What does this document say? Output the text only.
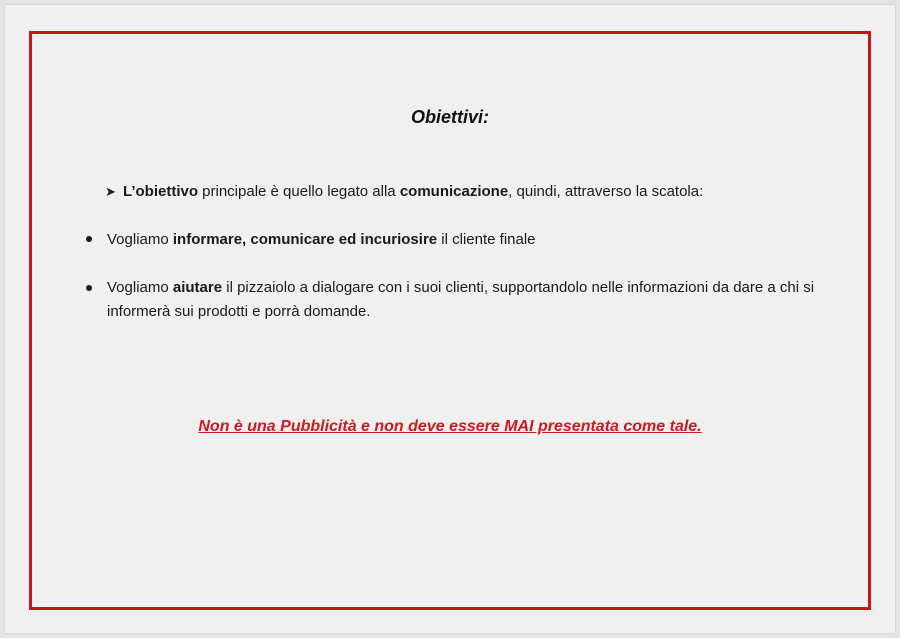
Obiettivi:
➤ L’obiettivo principale è quello legato alla comunicazione, quindi, attraverso la scatola:
Vogliamo informare, comunicare ed incuriosire il cliente finale
Vogliamo aiutare il pizzaiolo a dialogare con i suoi clienti, supportandolo nelle informazioni da dare a chi si informerà sui prodotti e porrà domande.
Non è una Pubblicità e non deve essere MAI presentata come tale.
